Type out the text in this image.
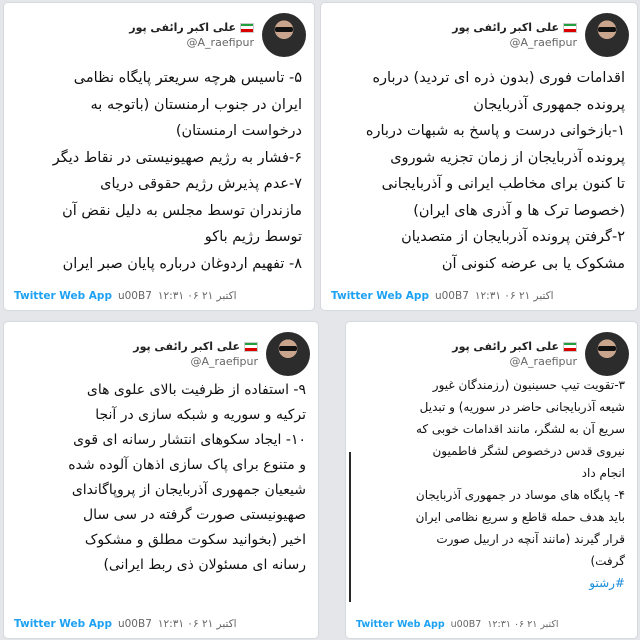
علی اکبر رائفی پور
@A_raefipur

اقدامات فوری (بدون ذره ای تردید) درباره

پرونده جمهوری آذربایجان

۱-بازخوانی درست و پاسخ به شبهات درباره

پرونده آذربایجان از زمان تجزیه شوروی

تا کنون برای مخاطب ایرانی و آذربایجانی

(خصوصا ترک ها و آذری های ایران)

۲-گرفتن پرونده آذربایجان از متصدیان

مشکوک یا بی عرضه کنونی آن

Twitter Web App u00B7 ۱۲:۳۱ ۰۶ اکتبر ۲۱
علی اکبر رائفی پور
@A_raefipur

۵- تاسیس هرچه سریعتر پایگاه نظامی

ایران در جنوب ارمنستان (باتوجه به

درخواست ارمنستان)

۶-فشار به رژیم صهیونیستی در نقاط دیگر

۷-عدم پذیرش رژیم حقوقی دریای

مازندران توسط مجلس به دلیل نقض آن

توسط رژیم باکو

۸- تفهیم اردوغان درباره پایان صبر ایران

Twitter Web App u00B7 ۱۲:۳۱ ۰۶ اکتبر ۲۱
علی اکبر رائفی پور
@A_raefipur

۳-تقویت تیپ حسینیون (رزمندگان غیور

شیعه آذربایجانی حاضر در سوریه) و تبدیل

سریع آن به لشگر، مانند اقدامات خوبی که

نیروی قدس درخصوص لشگر فاطمیون

انجام داد

۴- پایگاه های موساد در جمهوری آذربایجان

باید هدف حمله قاطع و سریع نظامی ایران

قرار گیرند (مانند آنچه در اربیل صورت

گرفت)

#رشتو

Twitter Web App u00B7 ۱۲:۳۱ ۰۶ اکتبر ۲۱
علی اکبر رائفی پور
@A_raefipur

۹- استفاده از ظرفیت بالای علوی های

ترکیه و سوریه و شبکه سازی در آنجا

۱۰- ایجاد سکوهای انتشار رسانه ای قوی

و متنوع برای پاک سازی اذهان آلوده شده

شیعیان جمهوری آذربایجان از پروپاگاندای

صهیونیستی صورت گرفته در سی سال

اخیر (بخوانید سکوت مطلق و مشکوک

رسانه ای مسئولان ذی ربط ایرانی)

Twitter Web App u00B7 ۱۲:۳۱ ۰۶ اکتبر ۲۱
